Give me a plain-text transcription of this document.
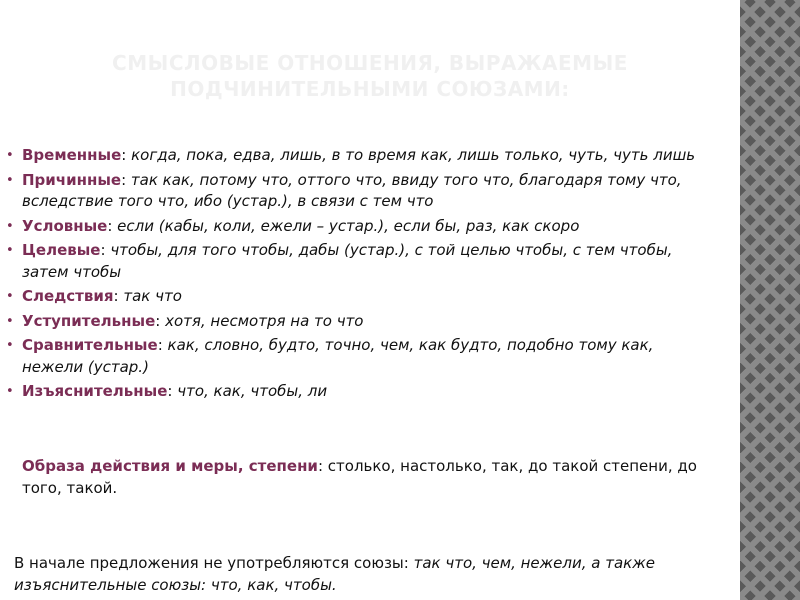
СМЫСЛОВЫЕ ОТНОШЕНИЯ, ВЫРАЖАЕМЫЕ
ПОДЧИНИТЕЛЬНЫМИ СОЮЗАМИ:
• Временные: когда, пока, едва, лишь, в то время как, лишь только, чуть, чуть лишь
• Причинные: так как, потому что, оттого что, ввиду того что, благодаря тому что, вследствие того что, ибо (устар.), в связи с тем что
• Условные: если (кабы, коли, ежели – устар.), если бы, раз, как скоро
• Целевые: чтобы, для того чтобы, дабы (устар.), с той целью чтобы, с тем чтобы, затем чтобы
• Следствия: так что
• Уступительные: хотя, несмотря на то что
• Сравнительные: как, словно, будто, точно, чем, как будто, подобно тому как, нежели (устар.)
• Изъяснительные: что, как, чтобы, ли
Образа действия и меры, степени: столько, настолько, так, до такой степени, до того, такой.
В начале предложения не употребляются союзы: так что, чем, нежели, а также изъяснительные союзы: что, как, чтобы.
